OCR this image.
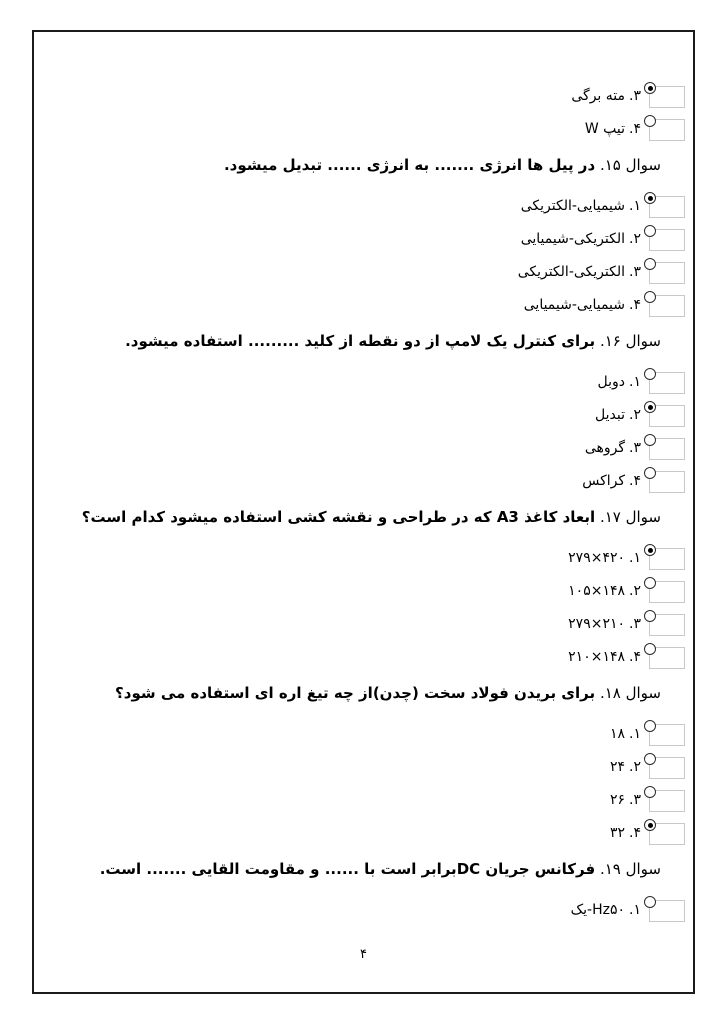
۳.مته برگی
۴.تیپ W
سوال ۱۵. در پیل ها انرژی ....... به انرژی ...... تبدیل میشود.
۱.شیمیایی-الکتریکی
۲.الکتریکی-شیمیایی
۳.الکتریکی-الکتریکی
۴.شیمیایی-شیمیایی
سوال ۱۶. برای کنترل یک لامپ از دو نقطه از کلید ......... استفاده میشود.
۱.دوبل
۲.تبدیل
۳.گروهی
۴.کراکس
سوال ۱۷. ابعاد کاغذ A3 که در طراحی و نقشه کشی استفاده میشود کدام است؟
۱.۲۷۹×۴۲۰
۲.۱۰۵×۱۴۸
۳.۲۷۹×۲۱۰
۴.۲۱۰×۱۴۸
سوال ۱۸. برای بریدن فولاد سخت (چدن)از چه تیغ اره ای استفاده می شود؟
۱.۱۸
۲.۲۴
۳.۲۶
۴.۳۲
سوال ۱۹. فرکانس جریان DCبرابر است با ...... و مقاومت القایی ....... است.
۱.یک-Hz۵۰
۴
